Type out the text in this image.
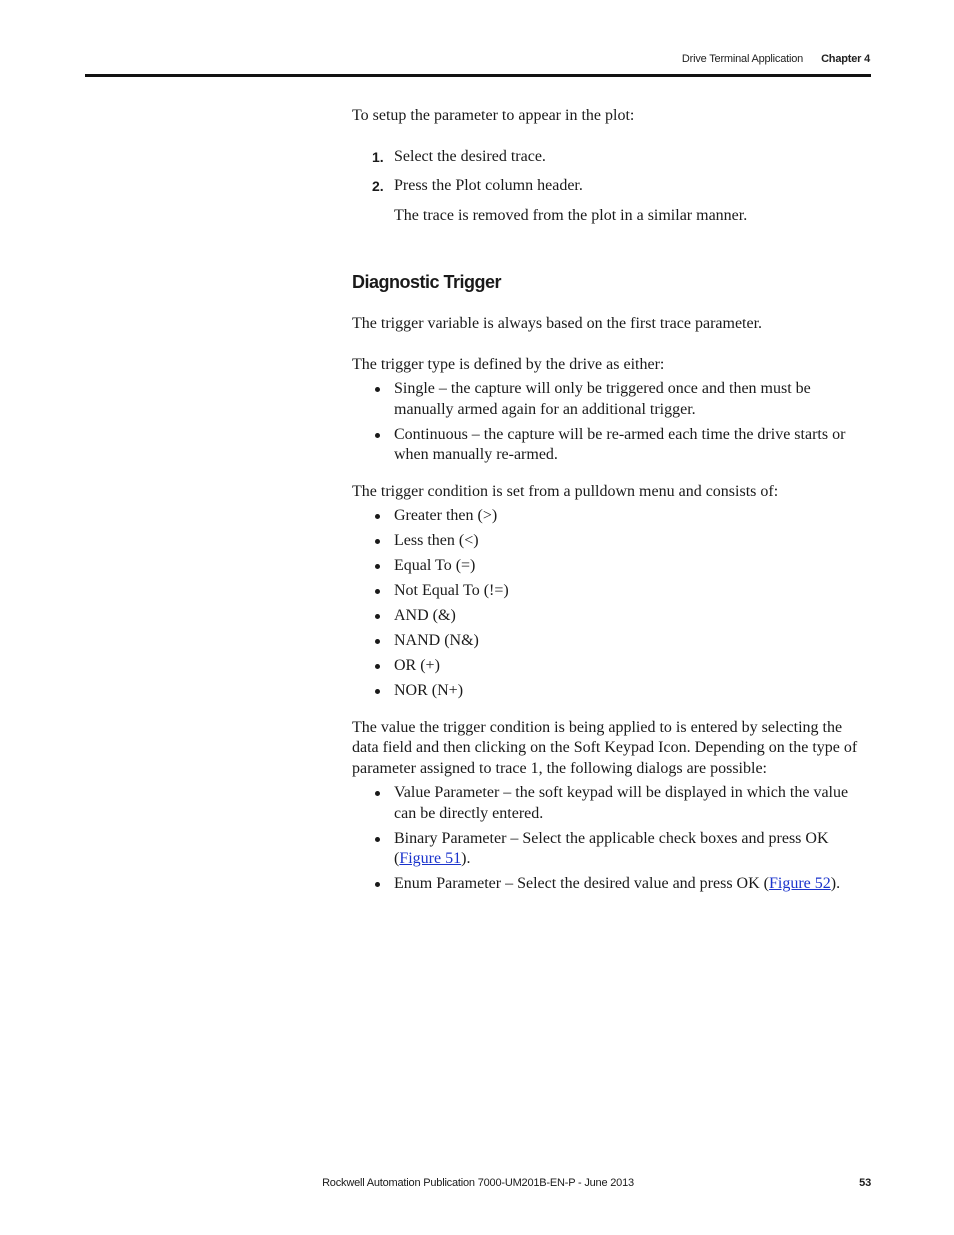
Drive Terminal Application Chapter 4

To setup the parameter to appear in the plot:

1. Select the desired trace.
2. Press the Plot column header.

The trace is removed from the plot in a similar manner.

Diagnostic Trigger

The trigger variable is always based on the first trace parameter.

The trigger type is defined by the drive as either:

Single – the capture will only be triggered once and then must be manually armed again for an additional trigger.
Continuous – the capture will be re-armed each time the drive starts or when manually re-armed.

The trigger condition is set from a pulldown menu and consists of:

Greater then (>)
Less then (<)
Equal To (=)
Not Equal To (!=)
AND (&)
NAND (N&)
OR (+)
NOR (N+)

The value the trigger condition is being applied to is entered by selecting the data field and then clicking on the Soft Keypad Icon. Depending on the type of parameter assigned to trace 1, the following dialogs are possible:

Value Parameter – the soft keypad will be displayed in which the value can be directly entered.
Binary Parameter – Select the applicable check boxes and press OK (Figure 51).
Enum Parameter – Select the desired value and press OK (Figure 52).
Rockwell Automation Publication 7000-UM201B-EN-P - June 2013	53
